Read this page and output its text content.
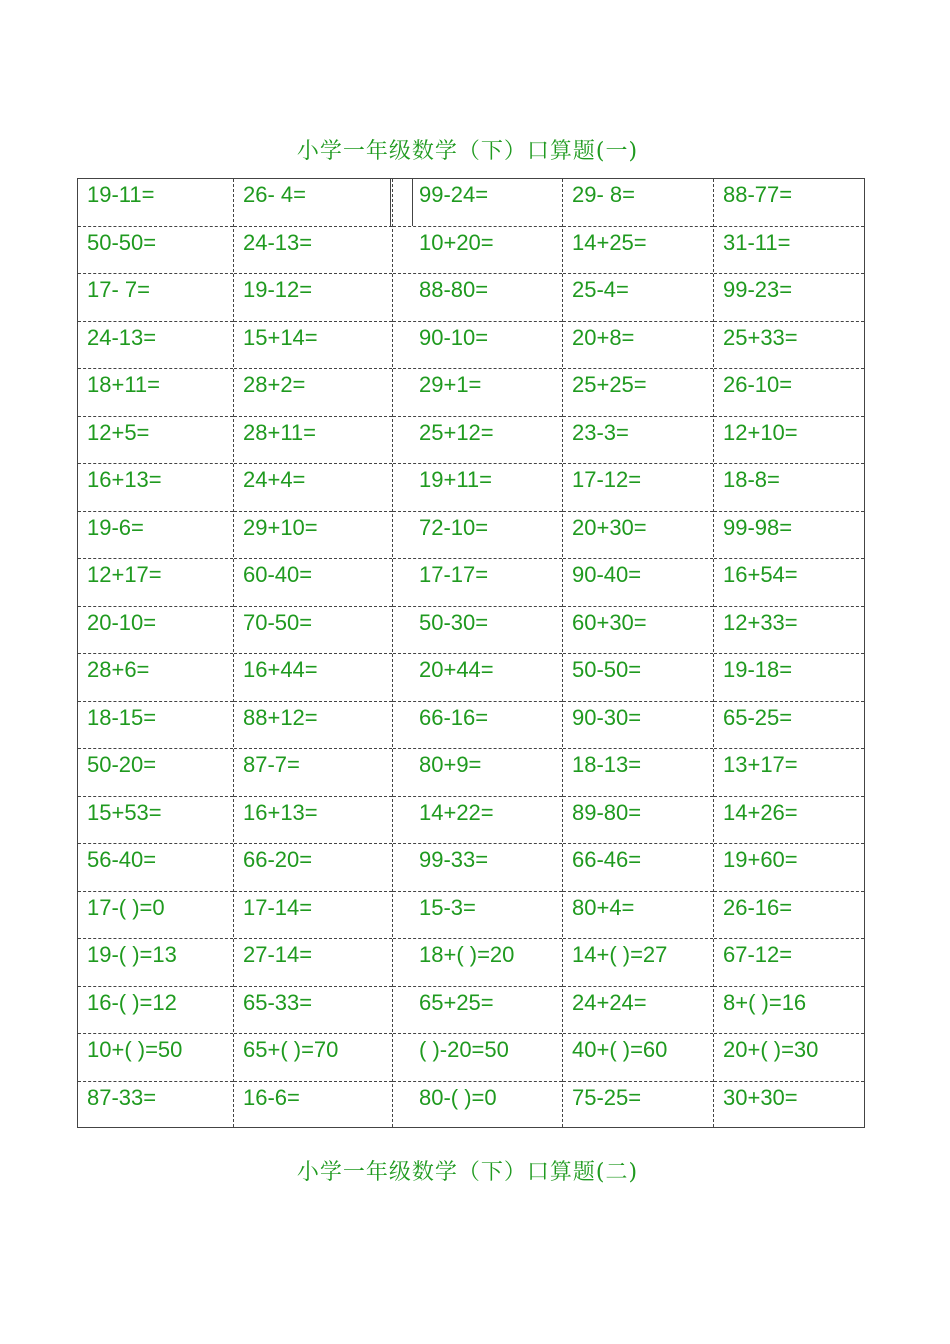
小学一年级数学（下）口算题(一)
19-11=
50-50=
17- 7=
24-13=
18+11=
12+5=
16+13=
19-6=
12+17=
20-10=
28+6=
18-15=
50-20=
15+53=
56-40=
17-( )=0
19-( )=13
16-( )=12
10+( )=50
87-33=
26- 4=
24-13=
19-12=
15+14=
28+2=
28+11=
24+4=
29+10=
60-40=
70-50=
16+44=
88+12=
87-7=
16+13=
66-20=
17-14=
27-14=
65-33=
65+( )=70
16-6=
99-24=
10+20=
88-80=
90-10=
29+1=
25+12=
19+11=
72-10=
17-17=
50-30=
20+44=
66-16=
80+9=
14+22=
99-33=
15-3=
18+( )=20
65+25=
( )-20=50
80-( )=0
29- 8=
14+25=
25-4=
20+8=
25+25=
23-3=
17-12=
20+30=
90-40=
60+30=
50-50=
90-30=
18-13=
89-80=
66-46=
80+4=
14+( )=27
24+24=
40+( )=60
75-25=
88-77=
31-11=
99-23=
25+33=
26-10=
12+10=
18-8=
99-98=
16+54=
12+33=
19-18=
65-25=
13+17=
14+26=
19+60=
26-16=
67-12=
8+( )=16
20+( )=30
30+30=
小学一年级数学（下）口算题(二)
